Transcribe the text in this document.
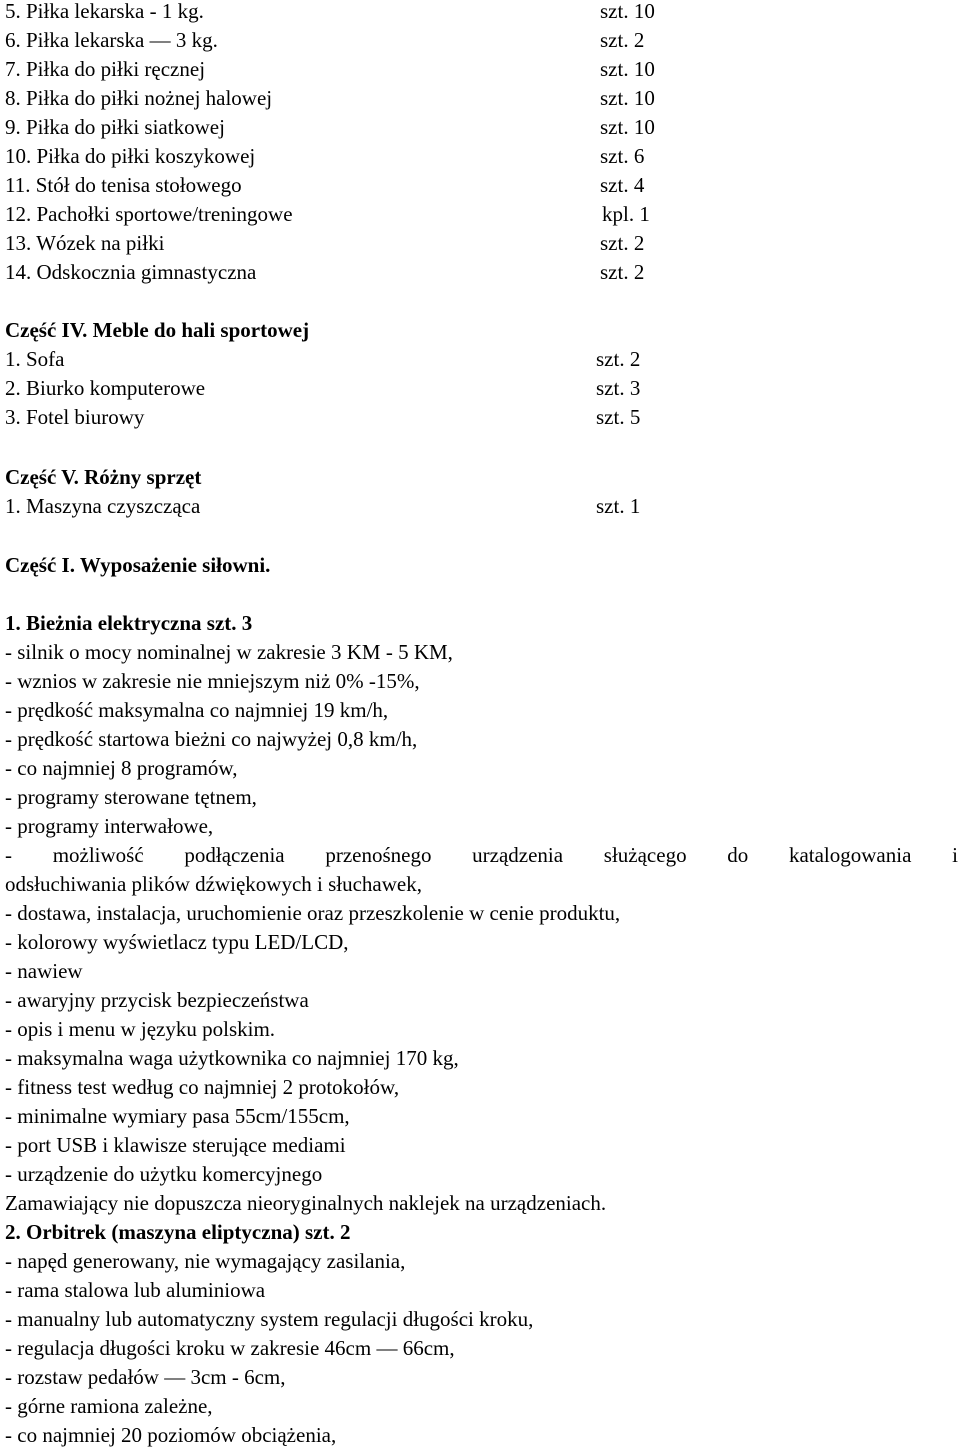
5. Piłka lekarska - 1 kg.	szt. 10
6. Piłka lekarska — 3 kg.	szt. 2
7. Piłka do piłki ręcznej	szt. 10
8. Piłka do piłki nożnej halowej	szt. 10
9. Piłka do piłki siatkowej	szt. 10
10. Piłka do piłki koszykowej	szt. 6
11. Stół do tenisa stołowego	szt. 4
12. Pachołki sportowe/treningowe	kpl. 1
13. Wózek na piłki	szt. 2
14. Odskocznia gimnastyczna	szt. 2
Część IV. Meble do hali sportowej
1. Sofa	szt. 2
2. Biurko komputerowe	szt. 3
3. Fotel biurowy	szt. 5
Część V. Różny sprzęt
1. Maszyna czyszcząca	szt. 1
Część I. Wyposażenie siłowni.
1. Bieżnia elektryczna szt. 3
- silnik o mocy nominalnej w zakresie 3 KM - 5 KM,
- wznios w zakresie nie mniejszym niż 0% -15%,
- prędkość maksymalna co najmniej 19 km/h,
- prędkość startowa bieżni co najwyżej 0,8 km/h,
- co najmniej 8 programów,
- programy sterowane tętnem,
- programy interwałowe,
- możliwość podłączenia przenośnego urządzenia służącego do katalogowania i
odsłuchiwania plików dźwiękowych i słuchawek,
- dostawa, instalacja, uruchomienie oraz przeszkolenie w cenie produktu,
- kolorowy wyświetlacz typu LED/LCD,
- nawiew
- awaryjny przycisk bezpieczeństwa
- opis i menu w języku polskim.
- maksymalna waga użytkownika co najmniej 170 kg,
- fitness test według co najmniej 2 protokołów,
- minimalne wymiary pasa 55cm/155cm,
- port USB i klawisze sterujące mediami
- urządzenie do użytku komercyjnego
Zamawiający nie dopuszcza nieoryginalnych naklejek na urządzeniach.
2. Orbitrek (maszyna eliptyczna) szt. 2
- napęd generowany, nie wymagający zasilania,
- rama stalowa lub aluminiowa
- manualny lub automatyczny system regulacji długości kroku,
- regulacja długości kroku w zakresie 46cm — 66cm,
- rozstaw pedałów — 3cm - 6cm,
- górne ramiona zależne,
- co najmniej 20 poziomów obciążenia,
